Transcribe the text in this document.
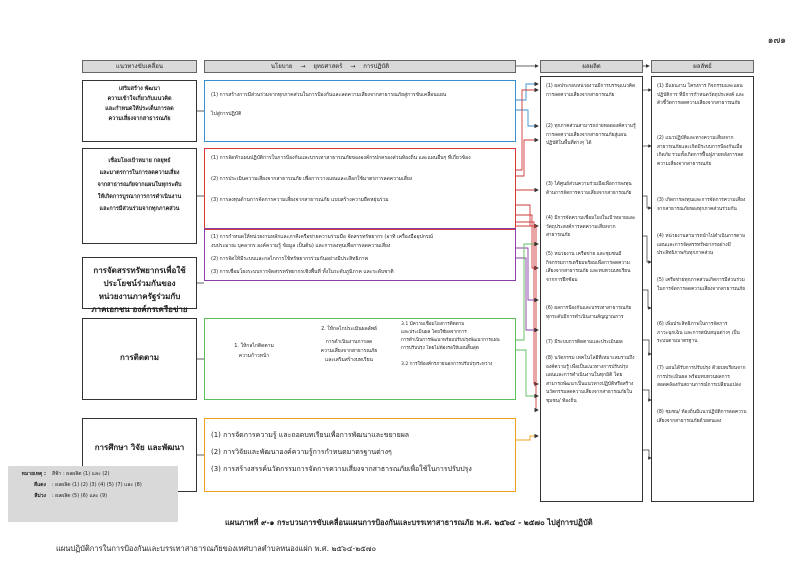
๑๗๑
แนวทางขับเคลื่อน	นโยบาย → ยุทธศาสตร์ → การปฏิบัติ	ผลผลิต	ผลลัพธ์
เสริมสร้าง พัฒนา
ความเข้าใจเกี่ยวกับแนวคิด
และกำหนดให้ประเด็นการลด
ความเสี่ยงจากสาธารณภัย
เชื่อมโยงเป้าหมาย กลยุทธ์
และมาตรการในการลดความเสี่ยง
จากสาธารณภัยจากแผนในทุกระดับ
ให้เกิดการบูรณาการการดำเนินงาน
และการมีส่วนร่วมจากทุกภาคส่วน
การจัดสรรทรัพยากรเพื่อใช้
ประโยชน์ร่วมกันของ
หน่วยงานภาครัฐร่วมกับ
ภาคเอกชน องค์กรเครือข่าย
การติดตาม
การศึกษา วิจัย และพัฒนา
(1) การสร้างการมีส่วนร่วมจากทุกภาคส่วนในการป้องกันและลดความเสี่ยงจากสาธารณภัยสู่การขับเคลื่อนแผน
ไปสู่การปฏิบัติ
(1) การจัดทำแผนปฏิบัติการในการป้องกันและบรรเทาสาธารณภัยขององค์กรปกครองส่วนท้องถิ่น และแผนอื่นๆ ที่เกี่ยวข้อง
(2) การประเมินความเสี่ยงจากสาธารณภัย เพื่อการวางแผนและเลือกใช้มาตรการลดความเสี่ยง
(3) การลงทุนด้านการจัดการความเสี่ยงจากสาธารณภัย แบบสร้างความยืดหยุ่นร่วม
(1) การกำหนดให้หน่วยงานหลักและภาคีเครือข่ายความร่วมมือ จัดสรรทรัพยากร (อาทิ เครื่องมืออุปกรณ์
งบประมาณ บุคลากร องค์ความรู้ ข้อมูล เป็นต้น) และการลงทุนเพื่อการลดความเสี่ยง
(2) การจัดให้มีระบบและกลไกการใช้ทรัพยากรร่วมกันอย่างมีประสิทธิภาพ
(3) การเชื่อมโยงระบบการจัดสรรทรัพยากรเชิงพื้นที่ ทั้งในระดับภูมิภาค และระดับชาติ
1. ให้กลไกติดตาม
ความก้าวหน้า
2. ให้กลไกประเมินผลลัพธ์
การดำเนินงานการลด
ความเสี่ยงจากสาธารณภัย
และเสริมสร้างบทเรียน
3.1 มีความเชื่อมโยงการติดตาม
และประเมินผล โดยใช้ผลจากการ
การดำเนินการพัฒนาพร้อมปรับปรุงพัฒนาการแผน
การปรับปรุง โดยไม่ต้องรอให้แผนสิ้นสุด
3.2 การให้องค์กรภายนอกการปรับปรุงระหว่าง
(1) การจัดการความรู้ และถอดบทเรียนเพื่อการพัฒนาและขยายผล
(2) การวิจัยและพัฒนาองค์ความรู้การกำหนดมาตรฐานต่างๆ
(3) การสร้างสรรค์นวัตกรรมการจัดการความเสี่ยงจากสาธารณภัยเพื่อใช้ในการปรับปรุง
(1) ผลประกอบหน่วยงานมีการบรรจุแนวคิดการลดความเสี่ยงจากสาธารณภัย
(2) ทุกภาคส่วนสามารถถ่ายทอดองค์ความรู้การลดความเสี่ยงจากสาธารณภัยสู่แผนปฏิบัติในพื้นที่ต่างๆ ได้
(3) ได้ศูนย์ส่วนความร่วมมือเพื่อการลงทุนด้านการจัดการความเสี่ยงจากสาธารณภัย
(4) มีการจัดความเชื่อมโยงในเป้าหมายและวัตถุประสงค์การลดความเสี่ยงจากสาธารณภัย
(5) หน่วยงาน เครือข่าย และชุมชนมีกิจกรรมการเตรียมพร้อมเพื่อการลดความเสี่ยงจากสาธารณภัย และทบทวนบทเรียนจากการฝึกซ้อม
(6) ผลการป้องกันและบรรเทาสาธารณภัยทุกระดับมีการดำเนินงานสัญญาณการ
(7) มีระบบการติดตามและประเมินผล
(8) นวัตกรรม เทคโนโลยีที่เหมาะสมรวมถึงองค์ความรู้ เพื่อเป็นแนวทางการปรับปรุงแผนและการดำเนินงานในทุกมิติ โดยสามารถพัฒนาเป็นแนวทางปฏิบัติหรือสร้างนวัตกรรมลดความเสี่ยงจากสาธารณภัยในชุมชน/ ท้องถิ่น
(1) มีแผนงาน โครงการ กิจกรรมและแผนปฏิบัติการ ที่มีการกำหนดวัตถุประสงค์ และตัวชี้วัดการลดความเสี่ยงจากสาธารณภัย
(2) แนวปฏิบัติและทางความเสี่ยงจากสาธารณภัยและเกิดมีระบบการป้องกันเมื่อเกิดภัย รวมทั้งเกิดการฟื้นฟูภายหลังการลดความเสี่ยงจากสาธารณภัย
(3) เกิดการลงทุนและการจัดการความเสี่ยงจากสาธารณภัยของทุกภาคส่วนร่วมกัน
(4) หน่วยงานสามารถนำไปดำเนินการตามแผนและการจัดสรรทรัพยากรอย่างมีประสิทธิภาพกับทุกภาคส่วน
(5) เครือข่ายทุกภาคส่วนเกิดการมีส่วนร่วมในการจัดการลดความเสี่ยงจากสาธารณภัย
(6) เพิ่มประสิทธิภาพในการจัดการภาวะฉุกเฉิน และการสนับสนุนต่างๆ เป็นระบบตามมาตรฐาน
(7) แผนได้รับการปรับปรุง ด้วยบทเรียนจากการประเมินผล พร้อมทบทวนผลการสอดคล้องกับสถานการณ์การเปลี่ยนแปลง
(8) ชุมชน/ ท้องถิ่นมีแนวปฏิบัติการลดความเสี่ยงจากสาธารณภัยด้วยตนเอง
หมายเหตุ : สีฟ้า : ผลผลิต (1) และ (2)
สีแดง : ผลผลิต (1) (2) (3) (4) (5) (7) และ (8)
สีม่วง : ผลผลิต (5) (6) และ (9)
แผนภาพที่ ๙-๑ กระบวนการขับเคลื่อนแผนการป้องกันและบรรเทาสาธารณภัย พ.ศ. ๒๕๖๔ - ๒๕๗๐ ไปสู่การปฏิบัติ
แผนปฏิบัติการในการป้องกันและบรรเทาสาธารณภัยของเทศบาลตำบลหนองแฝก พ.ศ. ๒๕๖๔-๒๕๗๐
